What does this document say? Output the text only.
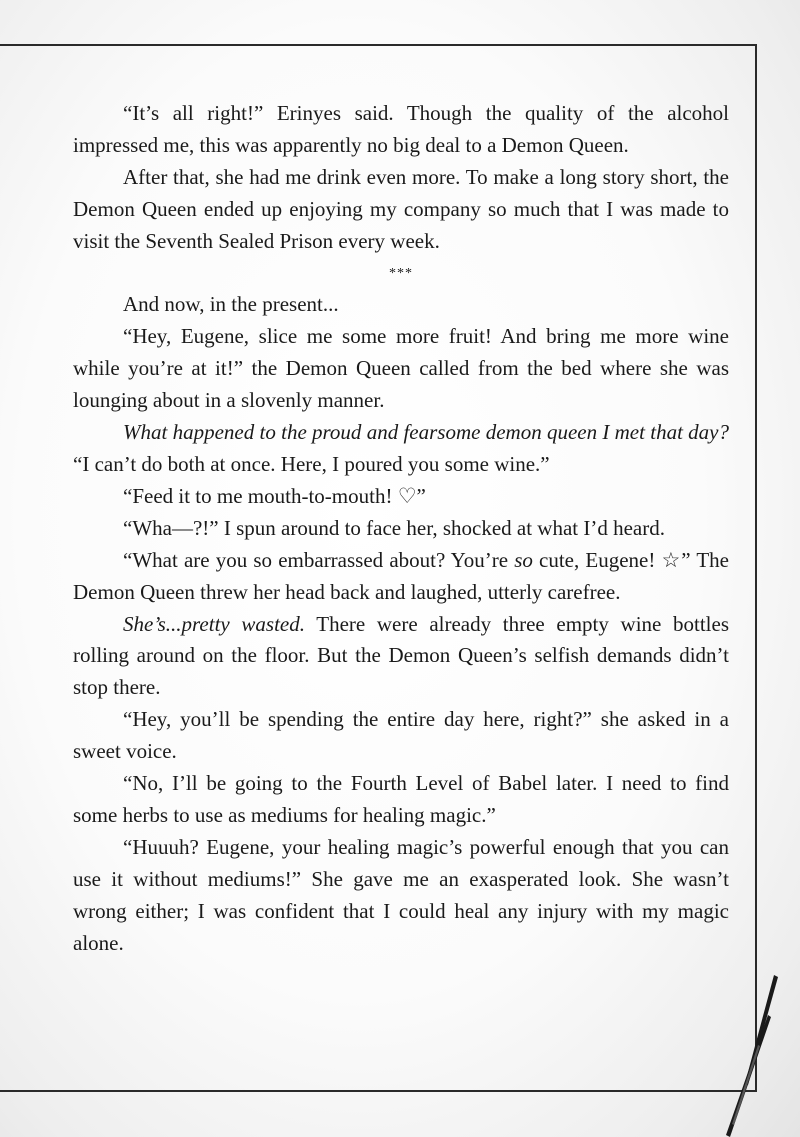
“It’s all right!” Erinyes said. Though the quality of the alcohol impressed me, this was apparently no big deal to a Demon Queen.

After that, she had me drink even more. To make a long story short, the Demon Queen ended up enjoying my company so much that I was made to visit the Seventh Sealed Prison every week.

***

And now, in the present...

“Hey, Eugene, slice me some more fruit! And bring me more wine while you’re at it!” the Demon Queen called from the bed where she was lounging about in a slovenly manner.

What happened to the proud and fearsome demon queen I met that day? “I can’t do both at once. Here, I poured you some wine.”

“Feed it to me mouth-to-mouth! ♡”

“Wha—?!” I spun around to face her, shocked at what I’d heard.

“What are you so embarrassed about? You’re so cute, Eugene! ☆” The Demon Queen threw her head back and laughed, utterly carefree.

She’s...pretty wasted. There were already three empty wine bottles rolling around on the floor. But the Demon Queen’s selfish demands didn’t stop there.

“Hey, you’ll be spending the entire day here, right?” she asked in a sweet voice.

“No, I’ll be going to the Fourth Level of Babel later. I need to find some herbs to use as mediums for healing magic.”

“Huuuh? Eugene, your healing magic’s powerful enough that you can use it without mediums!” She gave me an exasperated look. She wasn’t wrong either; I was confident that I could heal any injury with my magic alone.
